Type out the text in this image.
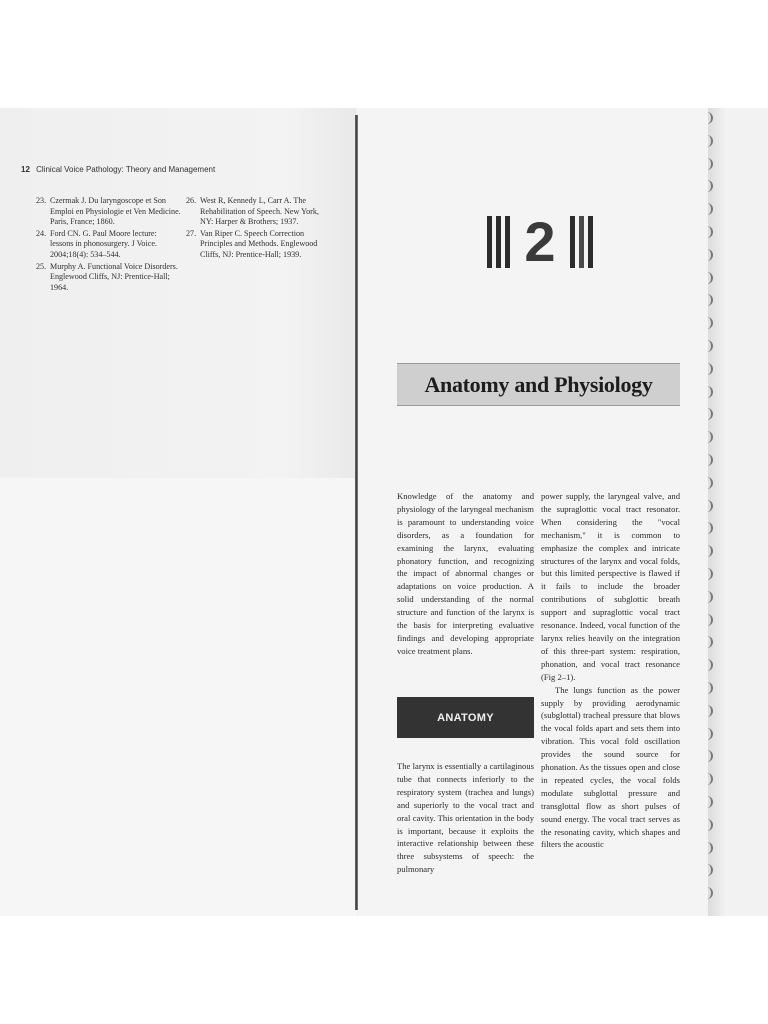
12 Clinical Voice Pathology: Theory and Management
23. Czermak J. Du laryngoscope et Son Emploi en Physiologie et Ven Medicine. Paris, France; 1860.
24. Ford CN. G. Paul Moore lecture: lessons in phonosurgery. J Voice. 2004;18(4): 534–544.
25. Murphy A. Functional Voice Disorders. Englewood Cliffs, NJ: Prentice-Hall; 1964.
26. West R, Kennedy L, Carr A. The Rehabilitation of Speech. New York, NY: Harper & Brothers; 1937.
27. Van Riper C. Speech Correction Principles and Methods. Englewood Cliffs, NJ: Prentice-Hall; 1939.	2
Anatomy and Physiology

Knowledge of the anatomy and physiology of the laryngeal mechanism is paramount to understanding voice disorders, as a foundation for examining the larynx, evaluating phonatory function, and recognizing the impact of abnormal changes or adaptations on voice production. A solid understanding of the normal structure and function of the larynx is the basis for interpreting evaluative findings and developing appropriate voice treatment plans.

ANATOMY

The larynx is essentially a cartilaginous tube that connects inferiorly to the respiratory system (trachea and lungs) and superiorly to the vocal tract and oral cavity. This orientation in the body is important, because it exploits the interactive relationship between these three subsystems of speech: the pulmonary

power supply, the laryngeal valve, and the supraglottic vocal tract resonator. When considering the "vocal mechanism," it is common to emphasize the complex and intricate structures of the larynx and vocal folds, but this limited perspective is flawed if it fails to include the broader contributions of subglottic breath support and supraglottic vocal tract resonance. Indeed, vocal function of the larynx relies heavily on the integration of this three-part system: respiration, phonation, and vocal tract resonance (Fig 2–1).

The lungs function as the power supply by providing aerodynamic (subglottal) tracheal pressure that blows the vocal folds apart and sets them into vibration. This vocal fold oscillation provides the sound source for phonation. As the tissues open and close in repeated cycles, the vocal folds modulate subglottal pressure and transglottal flow as short pulses of sound energy. The vocal tract serves as the resonating cavity, which shapes and filters the acoustic
